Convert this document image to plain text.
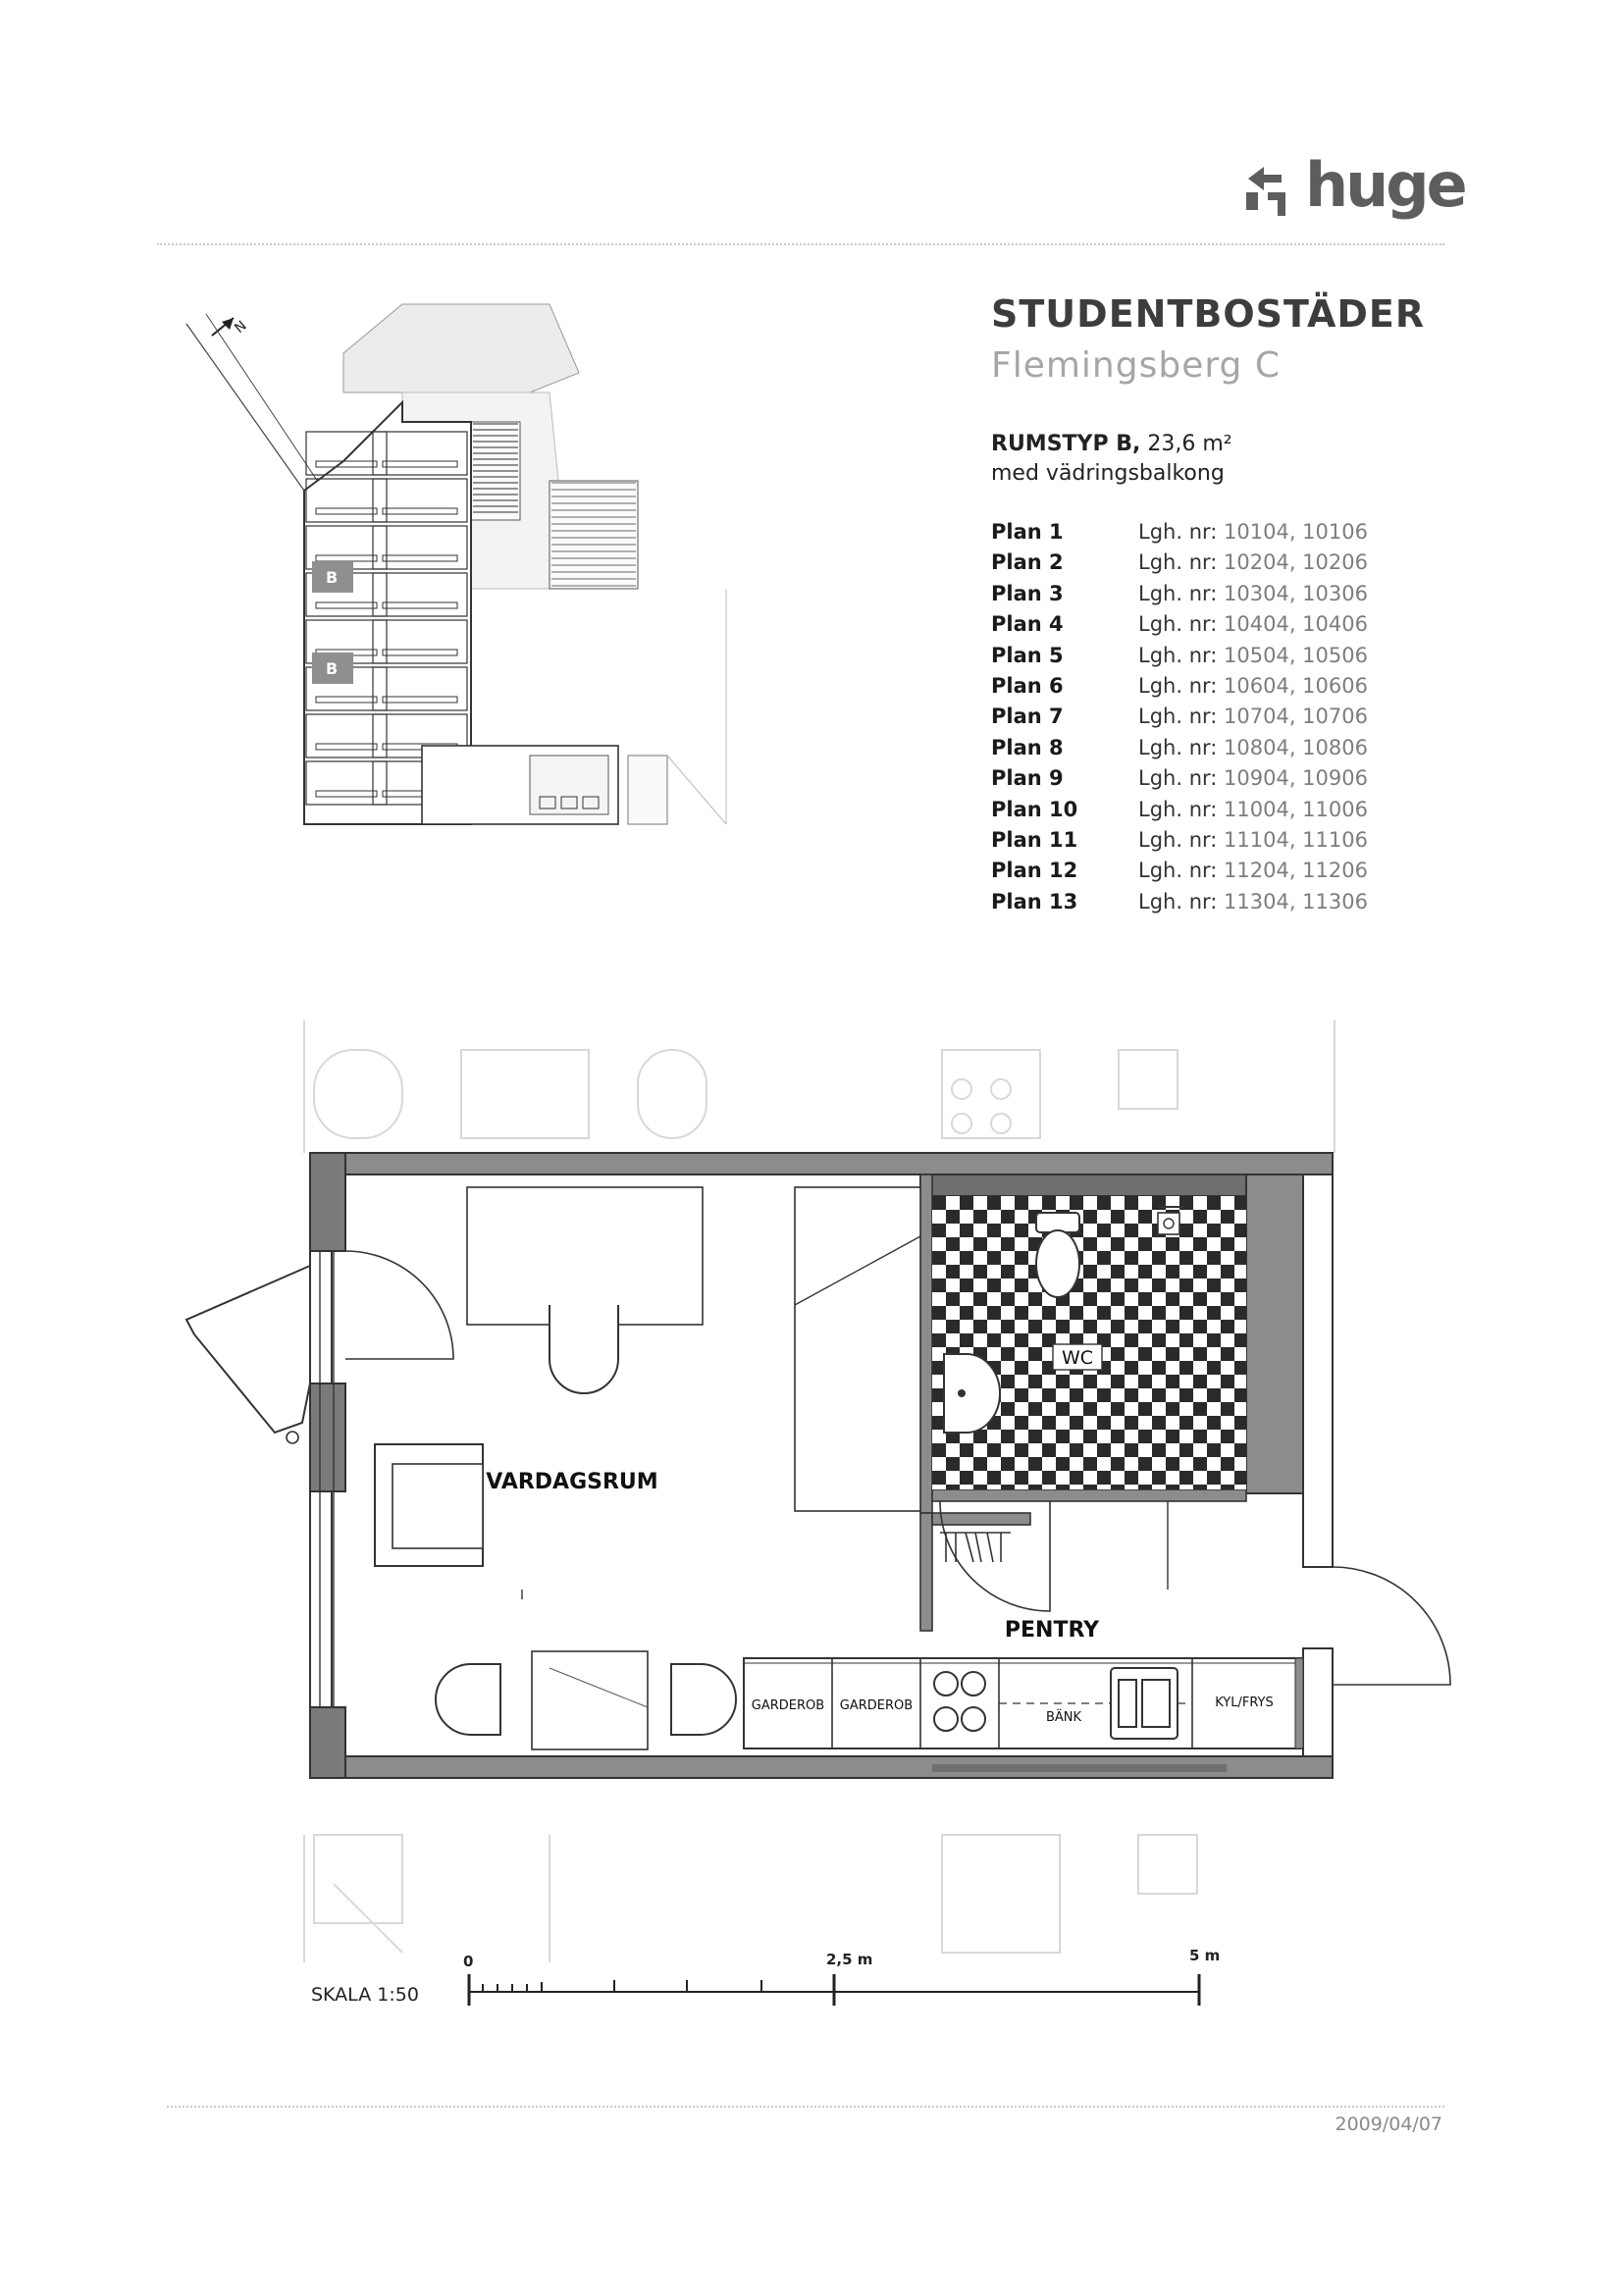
huge
STUDENTBOSTÄDER
Flemingsberg C
RUMSTYP B, 23,6 m²
med vädringsbalkong
Plan 1	Lgh. nr: 10104, 10106
Plan 2	Lgh. nr: 10204, 10206
Plan 3	Lgh. nr: 10304, 10306
Plan 4	Lgh. nr: 10404, 10406
Plan 5	Lgh. nr: 10504, 10506
Plan 6	Lgh. nr: 10604, 10606
Plan 7	Lgh. nr: 10704, 10706
Plan 8	Lgh. nr: 10804, 10806
Plan 9	Lgh. nr: 10904, 10906
Plan 10	Lgh. nr: 11004, 11006
Plan 11	Lgh. nr: 11104, 11106
Plan 12	Lgh. nr: 11204, 11206
Plan 13	Lgh. nr: 11304, 11306
N
B
B
WC
VARDAGSRUM
PENTRY
GARDEROB GARDEROB
BÄNK
KYL/FRYS
SKALA 1:50
0	2,5 m	5 m
2009/04/07
